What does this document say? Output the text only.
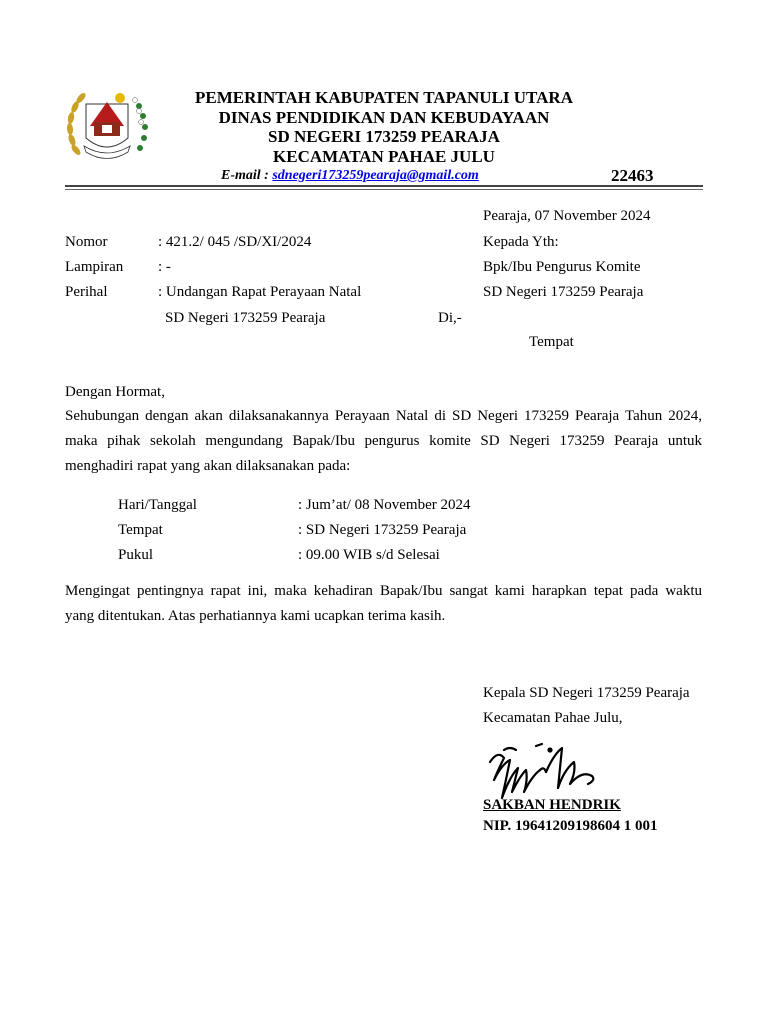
PEMERINTAH KABUPATEN TAPANULI UTARA
DINAS PENDIDIKAN DAN KEBUDAYAAN
SD NEGERI 173259 PEARAJA
KECAMATAN PAHAE JULU
E-mail : sdnegeri173259pearaja@gmail.com	22463
Pearaja, 07 November 2024
Nomor	: 421.2/ 045 /SD/XI/2024
Lampiran : -
Perihal	: Undangan Rapat Perayaan Natal
SD Negeri 173259 Pearaja	Di,-
Kepada Yth:
Bpk/Ibu Pengurus Komite
SD Negeri 173259 Pearaja
Tempat
Dengan Hormat,
Sehubungan dengan akan dilaksanakannya Perayaan Natal di SD Negeri 173259 Pearaja Tahun 2024,
maka pihak sekolah mengundang Bapak/Ibu pengurus komite SD Negeri 173259 Pearaja untuk
menghadiri rapat yang akan dilaksanakan pada:
Hari/Tanggal	: Jum’at/ 08 November 2024
Tempat	: SD Negeri 173259 Pearaja
Pukul	: 09.00 WIB s/d Selesai
Mengingat pentingnya rapat ini, maka kehadiran Bapak/Ibu sangat kami harapkan tepat pada waktu
yang ditentukan. Atas perhatiannya kami ucapkan terima kasih.
Kepala SD Negeri 173259 Pearaja
Kecamatan Pahae Julu,
SAKBAN HENDRIK
NIP. 19641209198604 1 001
